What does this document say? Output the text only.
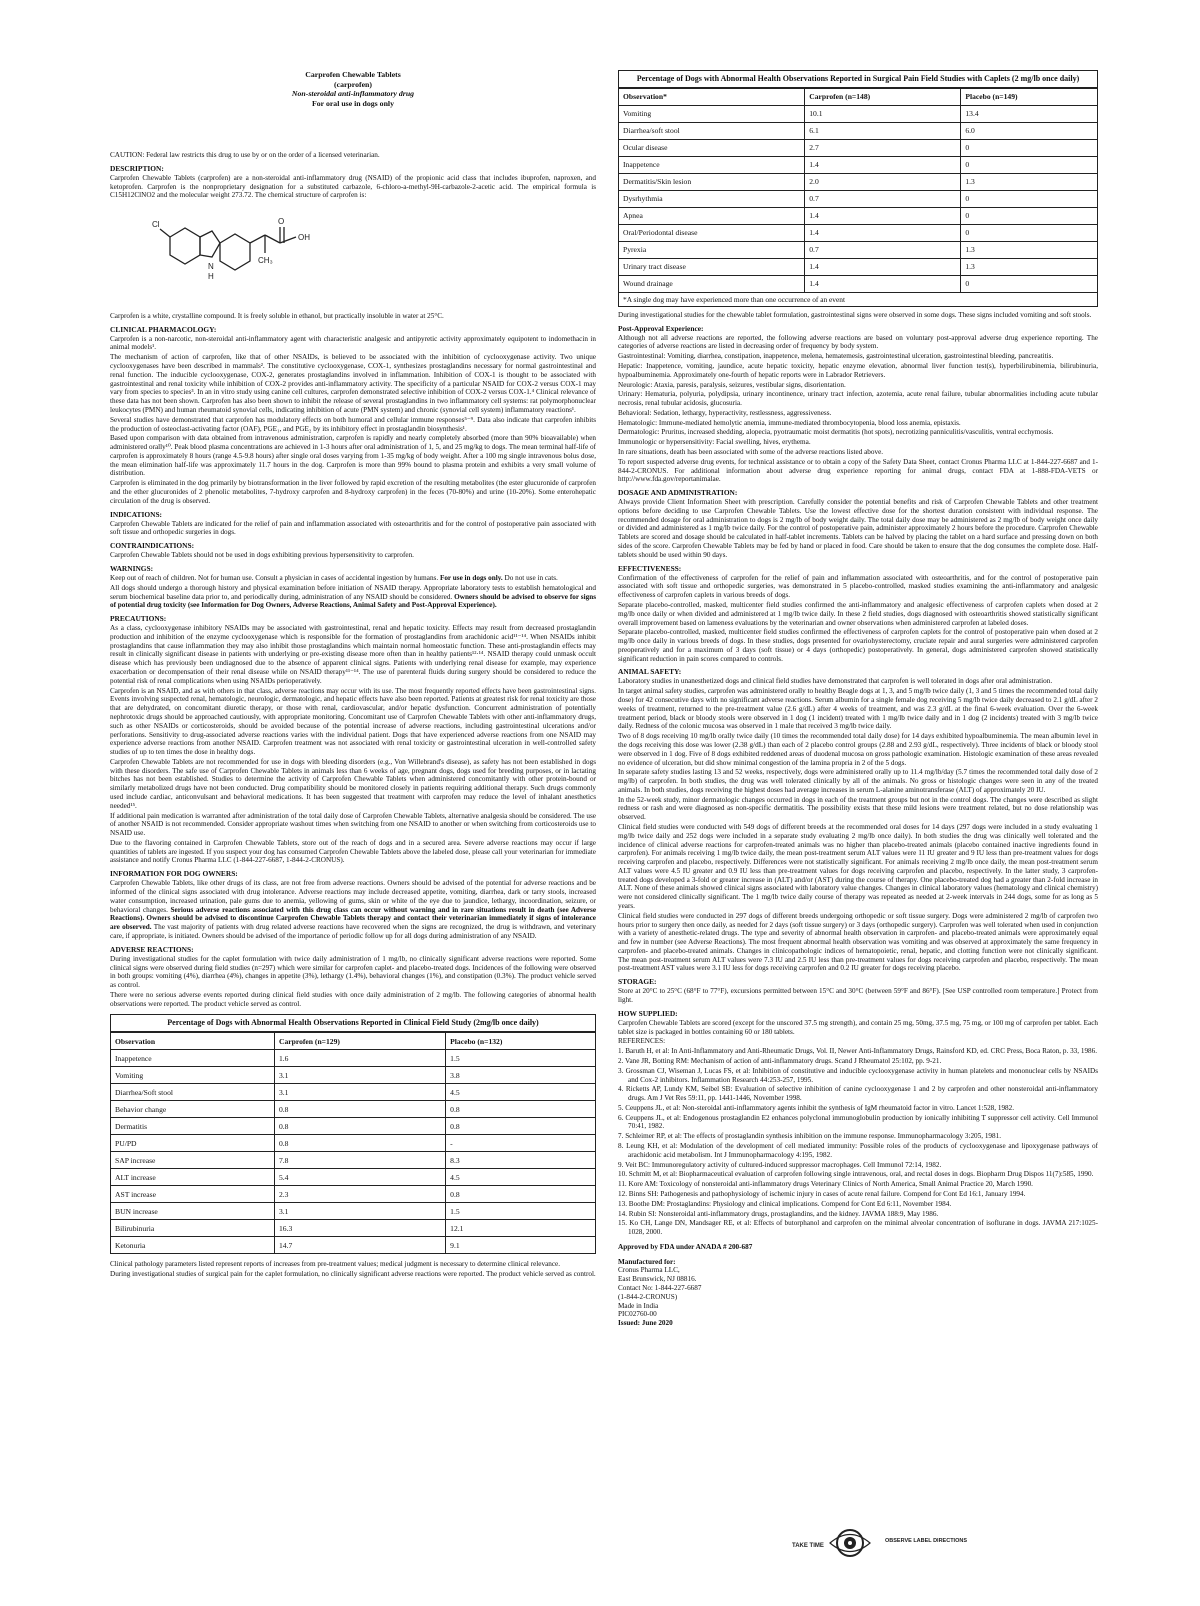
Carprofen Chewable Tablets
(carprofen)
Non-steroidal anti-inflammatory drug
For oral use in dogs only

CAUTION: Federal law restricts this drug to use by or on the order of a licensed veterinarian.

DESCRIPTION:

Carprofen Chewable Tablets (carprofen) are a non-steroidal anti-inflammatory drug (NSAID) of the propionic acid class that includes ibuprofen, naproxen, and ketoprofen. Carprofen is the nonproprietary designation for a substituted carbazole, 6-chloro-a-methyl-9H-carbazole-2-acetic acid. The empirical formula is C15H12ClNO2 and the molecular weight 273.72. The chemical structure of carprofen is:

Cl
N
H
OH
O
CH₃

Carprofen is a white, crystalline compound. It is freely soluble in ethanol, but practically insoluble in water at 25°C.

CLINICAL PHARMACOLOGY:

Carprofen is a non-narcotic, non-steroidal anti-inflammatory agent with characteristic analgesic and antipyretic activity approximately equipotent to indomethacin in animal models¹.

The mechanism of action of carprofen, like that of other NSAIDs, is believed to be associated with the inhibition of cyclooxygenase activity. Two unique cyclooxygenases have been described in mammals². The constitutive cyclooxygenase, COX-1, synthesizes prostaglandins necessary for normal gastrointestinal and renal function. The inducible cyclooxygenase, COX-2, generates prostaglandins involved in inflammation. Inhibition of COX-1 is thought to be associated with gastrointestinal and renal toxicity while inhibition of COX-2 provides anti-inflammatory activity. The specificity of a particular NSAID for COX-2 versus COX-1 may vary from species to species³. In an in vitro study using canine cell cultures, carprofen demonstrated selective inhibition of COX-2 versus COX-1.⁴ Clinical relevance of these data has not been shown. Carprofen has also been shown to inhibit the release of several prostaglandins in two inflammatory cell systems: rat polymorphonuclear leukocytes (PMN) and human rheumatoid synovial cells, indicating inhibition of acute (PMN system) and chronic (synovial cell system) inflammatory reactions¹.

Several studies have demonstrated that carprofen has modulatory effects on both humoral and cellular immune responses⁵⁻⁹. Data also indicate that carprofen inhibits the production of osteoclast-activating factor (OAF), PGE₁, and PGE₂ by its inhibitory effect in prostaglandin biosynthesis¹.

Based upon comparison with data obtained from intravenous administration, carprofen is rapidly and nearly completely absorbed (more than 90% bioavailable) when administered orally¹⁰. Peak blood plasma concentrations are achieved in 1-3 hours after oral administration of 1, 5, and 25 mg/kg to dogs. The mean terminal half-life of carprofen is approximately 8 hours (range 4.5-9.8 hours) after single oral doses varying from 1-35 mg/kg of body weight. After a 100 mg single intravenous bolus dose, the mean elimination half-life was approximately 11.7 hours in the dog. Carprofen is more than 99% bound to plasma protein and exhibits a very small volume of distribution.

Carprofen is eliminated in the dog primarily by biotransformation in the liver followed by rapid excretion of the resulting metabolites (the ester glucuronide of carprofen and the ether glucuronides of 2 phenolic metabolites, 7-hydroxy carprofen and 8-hydroxy carprofen) in the feces (70-80%) and urine (10-20%). Some enterohepatic circulation of the drug is observed.

INDICATIONS:

Carprofen Chewable Tablets are indicated for the relief of pain and inflammation associated with osteoarthritis and for the control of postoperative pain associated with soft tissue and orthopedic surgeries in dogs.

CONTRAINDICATIONS:

Carprofen Chewable Tablets should not be used in dogs exhibiting previous hypersensitivity to carprofen.

WARNINGS:

Keep out of reach of children. Not for human use. Consult a physician in cases of accidental ingestion by humans. For use in dogs only. Do not use in cats.

All dogs should undergo a thorough history and physical examination before initiation of NSAID therapy. Appropriate laboratory tests to establish hematological and serum biochemical baseline data prior to, and periodically during, administration of any NSAID should be considered. Owners should be advised to observe for signs of potential drug toxicity (see Information for Dog Owners, Adverse Reactions, Animal Safety and Post-Approval Experience).

PRECAUTIONS:

As a class, cyclooxygenase inhibitory NSAIDs may be associated with gastrointestinal, renal and hepatic toxicity. Effects may result from decreased prostaglandin production and inhibition of the enzyme cyclooxygenase which is responsible for the formation of prostaglandins from arachidonic acid¹¹⁻¹⁴. When NSAIDs inhibit prostaglandins that cause inflammation they may also inhibit those prostaglandins which maintain normal homeostatic function. These anti-prostaglandin effects may result in clinically significant disease in patients with underlying or pre-existing disease more often than in healthy patients¹²·¹⁴. NSAID therapy could unmask occult disease which has previously been undiagnosed due to the absence of apparent clinical signs. Patients with underlying renal disease for example, may experience exacerbation or decompensation of their renal disease while on NSAID therapy¹¹⁻¹⁴. The use of parenteral fluids during surgery should be considered to reduce the potential risk of renal complications when using NSAIDs perioperatively.

Carprofen is an NSAID, and as with others in that class, adverse reactions may occur with its use. The most frequently reported effects have been gastrointestinal signs. Events involving suspected renal, hematologic, neurologic, dermatologic, and hepatic effects have also been reported. Patients at greatest risk for renal toxicity are those that are dehydrated, on concomitant diuretic therapy, or those with renal, cardiovascular, and/or hepatic dysfunction. Concurrent administration of potentially nephrotoxic drugs should be approached cautiously, with appropriate monitoring. Concomitant use of Carprofen Chewable Tablets with other anti-inflammatory drugs, such as other NSAIDs or corticosteroids, should be avoided because of the potential increase of adverse reactions, including gastrointestinal ulcerations and/or perforations. Sensitivity to drug-associated adverse reactions varies with the individual patient. Dogs that have experienced adverse reactions from one NSAID may experience adverse reactions from another NSAID. Carprofen treatment was not associated with renal toxicity or gastrointestinal ulceration in well-controlled safety studies of up to ten times the dose in healthy dogs.

Carprofen Chewable Tablets are not recommended for use in dogs with bleeding disorders (e.g., Von Willebrand's disease), as safety has not been established in dogs with these disorders. The safe use of Carprofen Chewable Tablets in animals less than 6 weeks of age, pregnant dogs, dogs used for breeding purposes, or in lactating bitches has not been established. Studies to determine the activity of Carprofen Chewable Tablets when administered concomitantly with other protein-bound or similarly metabolized drugs have not been conducted. Drug compatibility should be monitored closely in patients requiring additional therapy. Such drugs commonly used include cardiac, anticonvulsant and behavioral medications. It has been suggested that treatment with carprofen may reduce the level of inhalant anesthetics needed¹⁵.

If additional pain medication is warranted after administration of the total daily dose of Carprofen Chewable Tablets, alternative analgesia should be considered. The use of another NSAID is not recommended. Consider appropriate washout times when switching from one NSAID to another or when switching from corticosteroids use to NSAID use.

Due to the flavoring contained in Carprofen Chewable Tablets, store out of the reach of dogs and in a secured area. Severe adverse reactions may occur if large quantities of tablets are ingested. If you suspect your dog has consumed Carprofen Chewable Tablets above the labeled dose, please call your veterinarian for immediate assistance and notify Cronus Pharma LLC (1-844-227-6687, 1-844-2-CRONUS).

INFORMATION FOR DOG OWNERS:

Carprofen Chewable Tablets, like other drugs of its class, are not free from adverse reactions. Owners should be advised of the potential for adverse reactions and be informed of the clinical signs associated with drug intolerance. Adverse reactions may include decreased appetite, vomiting, diarrhea, dark or tarry stools, increased water consumption, increased urination, pale gums due to anemia, yellowing of gums, skin or white of the eye due to jaundice, lethargy, incoordination, seizure, or behavioral changes. Serious adverse reactions associated with this drug class can occur without warning and in rare situations result in death (see Adverse Reactions). Owners should be advised to discontinue Carprofen Chewable Tablets therapy and contact their veterinarian immediately if signs of intolerance are observed. The vast majority of patients with drug related adverse reactions have recovered when the signs are recognized, the drug is withdrawn, and veterinary care, if appropriate, is initiated. Owners should be advised of the importance of periodic follow up for all dogs during administration of any NSAID.

ADVERSE REACTIONS:

During investigational studies for the caplet formulation with twice daily administration of 1 mg/lb, no clinically significant adverse reactions were reported. Some clinical signs were observed during field studies (n=297) which were similar for carprofen caplet- and placebo-treated dogs. Incidences of the following were observed in both groups: vomiting (4%), diarrhea (4%), changes in appetite (3%), lethargy (1.4%), behavioral changes (1%), and constipation (0.3%). The product vehicle served as control.

There were no serious adverse events reported during clinical field studies with once daily administration of 2 mg/lb. The following categories of abnormal health observations were reported. The product vehicle served as control.

Percentage of Dogs with Abnormal Health Observations Reported in Clinical Field Study (2mg/lb once daily)
Observation	Carprofen (n=129)	Placebo (n=132)
Inappetence	1.6	1.5
Vomiting	3.1	3.8
Diarrhea/Soft stool	3.1	4.5
Behavior change	0.8	0.8
Dermatitis	0.8	0.8
PU/PD	0.8	-
SAP increase	7.8	8.3
ALT increase	5.4	4.5
AST increase	2.3	0.8
BUN increase	3.1	1.5
Bilirubinuria	16.3	12.1
Ketonuria	14.7	9.1

Clinical pathology parameters listed represent reports of increases from pre-treatment values; medical judgment is necessary to determine clinical relevance.

During investigational studies of surgical pain for the caplet formulation, no clinically significant adverse reactions were reported. The product vehicle served as control.

Percentage of Dogs with Abnormal Health Observations Reported in Surgical Pain Field Studies with Caplets (2 mg/lb once daily)
Observation*	Carprofen (n=148)	Placebo (n=149)
Vomiting	10.1	13.4
Diarrhea/soft stool	6.1	6.0
Ocular disease	2.7	0
Inappetence	1.4	0
Dermatitis/Skin lesion	2.0	1.3
Dysrhythmia	0.7	0
Apnea	1.4	0
Oral/Periodontal disease	1.4	0
Pyrexia	0.7	1.3
Urinary tract disease	1.4	1.3
Wound drainage	1.4	0
*A single dog may have experienced more than one occurrence of an event

During investigational studies for the chewable tablet formulation, gastrointestinal signs were observed in some dogs. These signs included vomiting and soft stools.

Post-Approval Experience:

Although not all adverse reactions are reported, the following adverse reactions are based on voluntary post-approval adverse drug experience reporting. The categories of adverse reactions are listed in decreasing order of frequency by body system.

Gastrointestinal: Vomiting, diarrhea, constipation, inappetence, melena, hematemesis, gastrointestinal ulceration, gastrointestinal bleeding, pancreatitis.

Hepatic: Inappetence, vomiting, jaundice, acute hepatic toxicity, hepatic enzyme elevation, abnormal liver function test(s), hyperbilirubinemia, bilirubinuria, hypoalbuminemia. Approximately one-fourth of hepatic reports were in Labrador Retrievers.

Neurologic: Ataxia, paresis, paralysis, seizures, vestibular signs, disorientation.

Urinary: Hematuria, polyuria, polydipsia, urinary incontinence, urinary tract infection, azotemia, acute renal failure, tubular abnormalities including acute tubular necrosis, renal tubular acidosis, glucosuria.

Behavioral: Sedation, lethargy, hyperactivity, restlessness, aggressiveness.

Hematologic: Immune-mediated hemolytic anemia, immune-mediated thrombocytopenia, blood loss anemia, epistaxis.

Dermatologic: Pruritus, increased shedding, alopecia, pyotraumatic moist dermatitis (hot spots), necrotizing panniculitis/vasculitis, ventral ecchymosis.

Immunologic or hypersensitivity: Facial swelling, hives, erythema.

In rare situations, death has been associated with some of the adverse reactions listed above.

To report suspected adverse drug events, for technical assistance or to obtain a copy of the Safety Data Sheet, contact Cronus Pharma LLC at 1-844-227-6687 and 1-844-2-CRONUS. For additional information about adverse drug experience reporting for animal drugs, contact FDA at 1-888-FDA-VETS or http://www.fda.gov/reportanimalae.

DOSAGE AND ADMINISTRATION:

Always provide Client Information Sheet with prescription. Carefully consider the potential benefits and risk of Carprofen Chewable Tablets and other treatment options before deciding to use Carprofen Chewable Tablets. Use the lowest effective dose for the shortest duration consistent with individual response. The recommended dosage for oral administration to dogs is 2 mg/lb of body weight daily. The total daily dose may be administered as 2 mg/lb of body weight once daily or divided and administered as 1 mg/lb twice daily. For the control of postoperative pain, administer approximately 2 hours before the procedure. Carprofen Chewable Tablets are scored and dosage should be calculated in half-tablet increments. Tablets can be halved by placing the tablet on a hard surface and pressing down on both sides of the score. Carprofen Chewable Tablets may be fed by hand or placed in food. Care should be taken to ensure that the dog consumes the complete dose. Half-tablets should be used within 90 days.

EFFECTIVENESS:

Confirmation of the effectiveness of carprofen for the relief of pain and inflammation associated with osteoarthritis, and for the control of postoperative pain associated with soft tissue and orthopedic surgeries, was demonstrated in 5 placebo-controlled, masked studies examining the anti-inflammatory and analgesic effectiveness of carprofen caplets in various breeds of dogs.

Separate placebo-controlled, masked, multicenter field studies confirmed the anti-inflammatory and analgesic effectiveness of carprofen caplets when dosed at 2 mg/lb once daily or when divided and administered at 1 mg/lb twice daily. In these 2 field studies, dogs diagnosed with osteoarthritis showed statistically significant overall improvement based on lameness evaluations by the veterinarian and owner observations when administered carprofen at labeled doses.

Separate placebo-controlled, masked, multicenter field studies confirmed the effectiveness of carprofen caplets for the control of postoperative pain when dosed at 2 mg/lb once daily in various breeds of dogs. In these studies, dogs presented for ovariohysterectomy, cruciate repair and aural surgeries were administered carprofen preoperatively and for a maximum of 3 days (soft tissue) or 4 days (orthopedic) postoperatively. In general, dogs administered carprofen showed statistically significant reduction in pain scores compared to controls.

ANIMAL SAFETY:

Laboratory studies in unanesthetized dogs and clinical field studies have demonstrated that carprofen is well tolerated in dogs after oral administration.

In target animal safety studies, carprofen was administered orally to healthy Beagle dogs at 1, 3, and 5 mg/lb twice daily (1, 3 and 5 times the recommended total daily dose) for 42 consecutive days with no significant adverse reactions. Serum albumin for a single female dog receiving 5 mg/lb twice daily decreased to 2.1 g/dL after 2 weeks of treatment, returned to the pre-treatment value (2.6 g/dL) after 4 weeks of treatment, and was 2.3 g/dL at the final 6-week evaluation. Over the 6-week treatment period, black or bloody stools were observed in 1 dog (1 incident) treated with 1 mg/lb twice daily and in 1 dog (2 incidents) treated with 3 mg/lb twice daily. Redness of the colonic mucosa was observed in 1 male that received 3 mg/lb twice daily.

Two of 8 dogs receiving 10 mg/lb orally twice daily (10 times the recommended total daily dose) for 14 days exhibited hypoalbuminemia. The mean albumin level in the dogs receiving this dose was lower (2.38 g/dL) than each of 2 placebo control groups (2.88 and 2.93 g/dL, respectively). Three incidents of black or bloody stool were observed in 1 dog. Five of 8 dogs exhibited reddened areas of duodenal mucosa on gross pathologic examination. Histologic examination of these areas revealed no evidence of ulceration, but did show minimal congestion of the lamina propria in 2 of the 5 dogs.

In separate safety studies lasting 13 and 52 weeks, respectively, dogs were administered orally up to 11.4 mg/lb/day (5.7 times the recommended total daily dose of 2 mg/lb) of carprofen. In both studies, the drug was well tolerated clinically by all of the animals. No gross or histologic changes were seen in any of the treated animals. In both studies, dogs receiving the highest doses had average increases in serum L-alanine aminotransferase (ALT) of approximately 20 IU.

In the 52-week study, minor dermatologic changes occurred in dogs in each of the treatment groups but not in the control dogs. The changes were described as slight redness or rash and were diagnosed as non-specific dermatitis. The possibility exists that these mild lesions were treatment related, but no dose relationship was observed.

Clinical field studies were conducted with 549 dogs of different breeds at the recommended oral doses for 14 days (297 dogs were included in a study evaluating 1 mg/lb twice daily and 252 dogs were included in a separate study evaluating 2 mg/lb once daily). In both studies the drug was clinically well tolerated and the incidence of clinical adverse reactions for carprofen-treated animals was no higher than placebo-treated animals (placebo contained inactive ingredients found in carprofen). For animals receiving 1 mg/lb twice daily, the mean post-treatment serum ALT values were 11 IU greater and 9 IU less than pre-treatment values for dogs receiving carprofen and placebo, respectively. Differences were not statistically significant. For animals receiving 2 mg/lb once daily, the mean post-treatment serum ALT values were 4.5 IU greater and 0.9 IU less than pre-treatment values for dogs receiving carprofen and placebo, respectively. In the latter study, 3 carprofen-treated dogs developed a 3-fold or greater increase in (ALT) and/or (AST) during the course of therapy. One placebo-treated dog had a greater than 2-fold increase in ALT. None of these animals showed clinical signs associated with laboratory value changes. Changes in clinical laboratory values (hematology and clinical chemistry) were not considered clinically significant. The 1 mg/lb twice daily course of therapy was repeated as needed at 2-week intervals in 244 dogs, some for as long as 5 years.

Clinical field studies were conducted in 297 dogs of different breeds undergoing orthopedic or soft tissue surgery. Dogs were administered 2 mg/lb of carprofen two hours prior to surgery then once daily, as needed for 2 days (soft tissue surgery) or 3 days (orthopedic surgery). Carprofen was well tolerated when used in conjunction with a variety of anesthetic-related drugs. The type and severity of abnormal health observation in carprofen- and placebo-treated animals were approximately equal and few in number (see Adverse Reactions). The most frequent abnormal health observation was vomiting and was observed at approximately the same frequency in carprofen- and placebo-treated animals. Changes in clinicopathologic indices of hematopoietic, renal, hepatic, and clotting function were not clinically significant. The mean post-treatment serum ALT values were 7.3 IU and 2.5 IU less than pre-treatment values for dogs receiving carprofen and placebo, respectively. The mean post-treatment AST values were 3.1 IU less for dogs receiving carprofen and 0.2 IU greater for dogs receiving placebo.

STORAGE:

Store at 20°C to 25°C (68°F to 77°F), excursions permitted between 15°C and 30°C (between 59°F and 86°F). [See USP controlled room temperature.] Protect from light.

HOW SUPPLIED:

Carprofen Chewable Tablets are scored (except for the unscored 37.5 mg strength), and contain 25 mg, 50mg, 37.5 mg, 75 mg, or 100 mg of carprofen per tablet. Each tablet size is packaged in bottles containing 60 or 180 tablets.

REFERENCES:

1. Baruth H, et al: In Anti-Inflammatory and Anti-Rheumatic Drugs, Vol. II, Newer Anti-Inflammatory Drugs, Rainsford KD, ed. CRC Press, Boca Raton, p. 33, 1986.

2. Vane JR, Botting RM: Mechanism of action of anti-inflammatory drugs. Scand J Rheumatol 25:102, pp. 9-21.

3. Grossman CJ, Wiseman J, Lucas FS, et al: Inhibition of constitutive and inducible cyclooxygenase activity in human platelets and mononuclear cells by NSAIDs and Cox-2 inhibitors. Inflammation Research 44:253-257, 1995.

4. Ricketts AP, Lundy KM, Seibel SB: Evaluation of selective inhibition of canine cyclooxygenase 1 and 2 by carprofen and other nonsteroidal anti-inflammatory drugs. Am J Vet Res 59:11, pp. 1441-1446, November 1998.

5. Ceuppens JL, et al: Non-steroidal anti-inflammatory agents inhibit the synthesis of IgM rheumatoid factor in vitro. Lancet 1:528, 1982.

6. Ceuppens JL, et al: Endogenous prostaglandin E2 enhances polyclonal immunoglobulin production by ionically inhibiting T suppressor cell activity. Cell Immunol 70:41, 1982.

7. Schleimer RP, et al: The effects of prostaglandin synthesis inhibition on the immune response. Immunopharmacology 3:205, 1981.

8. Leung KH, et al: Modulation of the development of cell mediated immunity: Possible roles of the products of cyclooxygenase and lipoxygenase pathways of arachidonic acid metabolism. Int J Immunopharmacology 4:195, 1982.

9. Veit BC: Immunoregulatory activity of cultured-induced suppressor macrophages. Cell Immunol 72:14, 1982.

10. Schmitt M, et al: Biopharmaceutical evaluation of carprofen following single intravenous, oral, and rectal doses in dogs. Biopharm Drug Dispos 11(7):585, 1990.

11. Kore AM: Toxicology of nonsteroidal anti-inflammatory drugs Veterinary Clinics of North America, Small Animal Practice 20, March 1990.

12. Binns SH: Pathogenesis and pathophysiology of ischemic injury in cases of acute renal failure. Compend for Cont Ed 16:1, January 1994.

13. Boothe DM: Prostaglandins: Physiology and clinical implications. Compend for Cont Ed 6:11, November 1984.

14. Rubin SI: Nonsteroidal anti-inflammatory drugs, prostaglandins, and the kidney. JAVMA 188:9, May 1986.

15. Ko CH, Lange DN, Mandsager RE, et al: Effects of butorphanol and carprofen on the minimal alveolar concentration of isoflurane in dogs. JAVMA 217:1025-1028, 2000.

Approved by FDA under ANADA # 200-687

Manufactured for:

Cronus Pharma LLC,

East Brunswick, NJ 08816.

Contact No: 1-844-227-6687

(1-844-2-CRONUS)

Made in India

PIC02760-00

Issued: June 2020

TAKE TIME
OBSERVE LABEL DIRECTIONS
